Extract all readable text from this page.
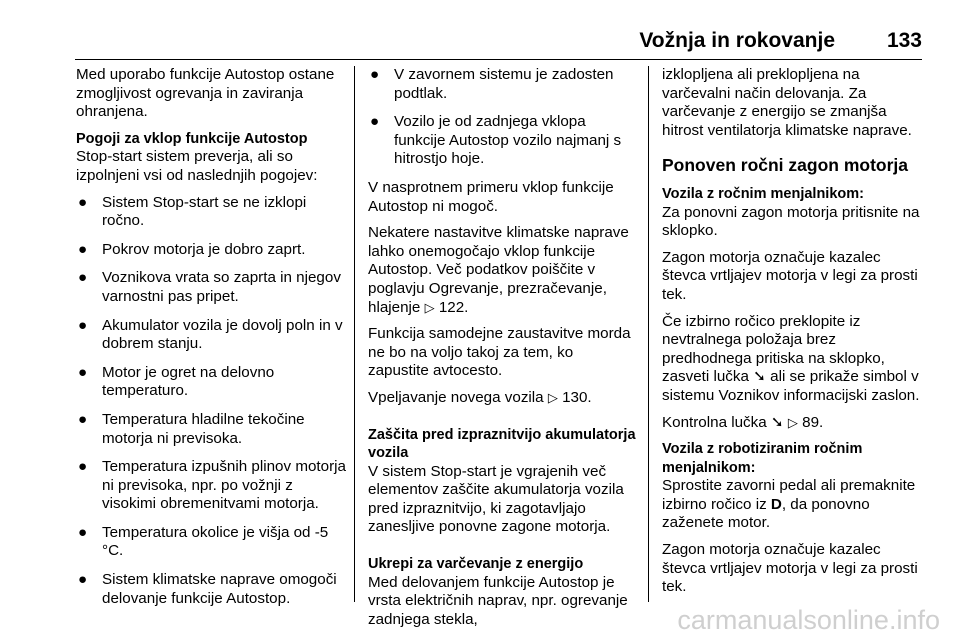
Vožnja in rokovanje 133

Med uporabo funkcije Autostop ostane zmogljivost ogrevanja in zaviranja ohranjena.

Pogoji za vklop funkcije Autostop

Stop-start sistem preverja, ali so izpolnjeni vsi od naslednjih pogojev:

● Sistem Stop-start se ne izklopi ročno.
● Pokrov motorja je dobro zaprt.
● Voznikova vrata so zaprta in njegov varnostni pas pripet.
● Akumulator vozila je dovolj poln in v dobrem stanju.
● Motor je ogret na delovno temperaturo.
● Temperatura hladilne tekočine motorja ni previsoka.
● Temperatura izpušnih plinov motorja ni previsoka, npr. po vožnji z visokimi obremenitvami motorja.
● Temperatura okolice je višja od -5 °C.
● Sistem klimatske naprave omogoči delovanje funkcije Autostop.
● V zavornem sistemu je zadosten podtlak.
● Vozilo je od zadnjega vklopa funkcije Autostop vozilo najmanj s hitrostjo hoje.

V nasprotnem primeru vklop funkcije Autostop ni mogoč.

Nekatere nastavitve klimatske naprave lahko onemogočajo vklop funkcije Autostop. Več podatkov poiščite v poglavju Ogrevanje, prezračevanje, hlajenje ▷ 122.

Funkcija samodejne zaustavitve morda ne bo na voljo takoj za tem, ko zapustite avtocesto.

Vpeljavanje novega vozila ▷ 130.

Zaščita pred izpraznitvijo akumulatorja vozila

V sistem Stop-start je vgrajenih več elementov zaščite akumulatorja vozila pred izpraznitvijo, ki zagotavljajo zanesljive ponovne zagone motorja.

Ukrepi za varčevanje z energijo

Med delovanjem funkcije Autostop je vrsta električnih naprav, npr. ogrevanje zadnjega stekla,

izklopljena ali preklopljena na varčevalni način delovanja. Za varčevanje z energijo se zmanjša hitrost ventilatorja klimatske naprave.

Ponoven ročni zagon motorja

Vozila z ročnim menjalnikom:

Za ponovni zagon motorja pritisnite na sklopko.

Zagon motorja označuje kazalec števca vrtljajev motorja v legi za prosti tek.

Če izbirno ročico preklopite iz nevtralnega položaja brez predhodnega pritiska na sklopko, zasveti lučka ➘ ali se prikaže simbol v sistemu Voznikov informacijski zaslon.

Kontrolna lučka ➘ ▷ 89.

Vozila z robotiziranim ročnim menjalnikom:

Sprostite zavorni pedal ali premaknite izbirno ročico iz D, da ponovno zaženete motor.

Zagon motorja označuje kazalec števca vrtljajev motorja v legi za prosti tek.

carmanualsonline.info
